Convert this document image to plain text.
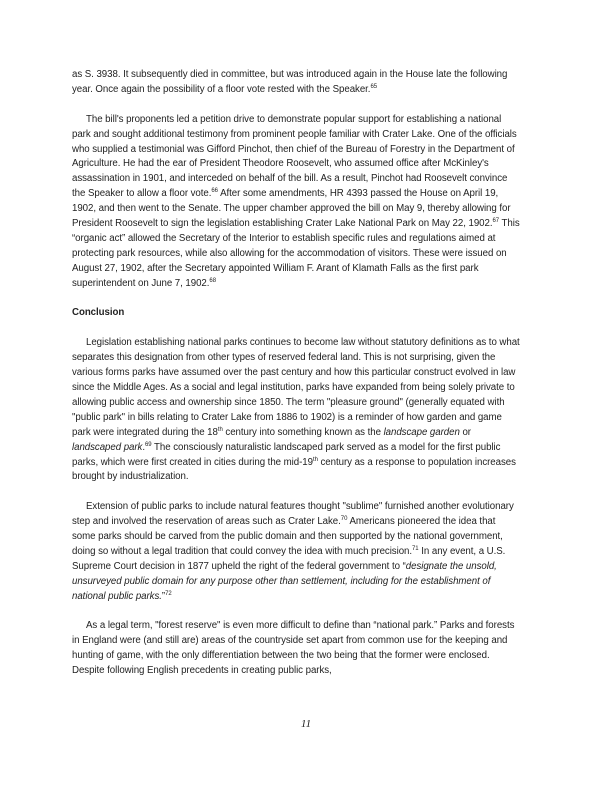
as S. 3938. It subsequently died in committee, but was introduced again in the House late the following year. Once again the possibility of a floor vote rested with the Speaker.$^{65}$

The bill's proponents led a petition drive to demonstrate popular support for establishing a national park and sought additional testimony from prominent people familiar with Crater Lake. One of the officials who supplied a testimonial was Gifford Pinchot, then chief of the Bureau of Forestry in the Department of Agriculture. He had the ear of President Theodore Roosevelt, who assumed office after McKinley's assassination in 1901, and interceded on behalf of the bill. As a result, Pinchot had Roosevelt convince the Speaker to allow a floor vote.$^{66}$ After some amendments, HR 4393 passed the House on April 19, 1902, and then went to the Senate. The upper chamber approved the bill on May 9, thereby allowing for President Roosevelt to sign the legislation establishing Crater Lake National Park on May 22, 1902.67 This “organic act” allowed the Secretary of the Interior to establish specific rules and regulations aimed at protecting park resources, while also allowing for the accommodation of visitors. These were issued on August 27, 1902, after the Secretary appointed William F. Arant of Klamath Falls as the first park superintendent on June 7, 1902.68

Conclusion

Legislation establishing national parks continues to become law without statutory definitions as to what separates this designation from other types of reserved federal land. This is not surprising, given the various forms parks have assumed over the past century and how this particular construct evolved in law since the Middle Ages. As a social and legal institution, parks have expanded from being solely private to allowing public access and ownership since 1850. The term "pleasure ground" (generally equated with "public park" in bills relating to Crater Lake from 1886 to 1902) is a reminder of how garden and game park were integrated during the 18th century into something known as the landscape garden or landscaped park.$^{69}$ The consciously naturalistic landscaped park served as a model for the first public parks, which were first created in cities during the mid-19th century as a response to population increases brought by industrialization.

Extension of public parks to include natural features thought "sublime" furnished another evolutionary step and involved the reservation of areas such as Crater Lake.$^{70}$ Americans pioneered the idea that some parks should be carved from the public domain and then supported by the national government, doing so without a legal tradition that could convey the idea with much precision.$^{71}$ In any event, a U.S. Supreme Court decision in 1877 upheld the right of the federal government to “designate the unsold, unsurveyed public domain for any purpose other than settlement, including for the establishment of national public parks.”$^{72}$

As a legal term, "forest reserve" is even more difficult to define than “national park.” Parks and forests in England were (and still are) areas of the countryside set apart from common use for the keeping and hunting of game, with the only differentiation between the two being that the former were enclosed. Despite following English precedents in creating public parks,

11
